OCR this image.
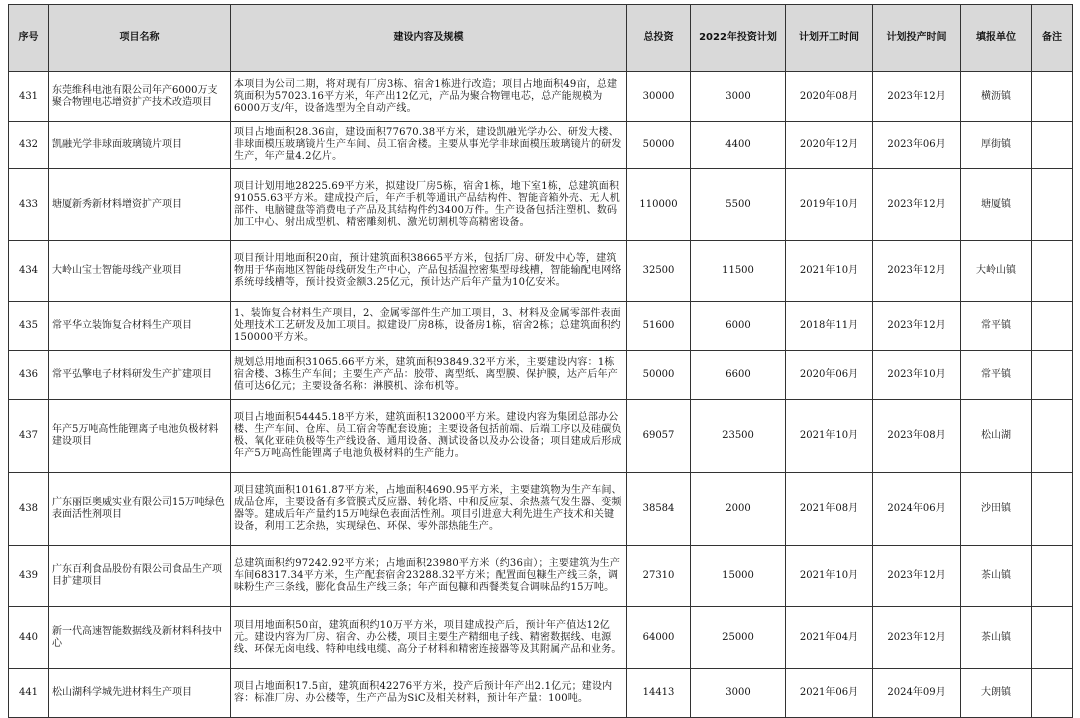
序号	项目名称	建设内容及规模	总投资	2022年投资计划	计划开工时间	计划投产时间	填报单位	备注
431	东莞维科电池有限公司年产6000万支聚合物锂电芯增资扩产技术改造项目	本项目为公司二期，将对现有厂房3栋、宿舍1栋进行改造；项目占地面积49亩，总建筑面积为57023.16平方米，年产出12亿元，产品为聚合物锂电芯，总产能规模为6000万支/年，设备选型为全自动产线。	30000	3000	2020年08月	2023年12月	横沥镇	
432	凯融光学非球面玻璃镜片项目	项目占地面积28.36亩，建设面积77670.38平方米，建设凯融光学办公、研发大楼、非球面模压玻璃镜片生产车间、员工宿舍楼。主要从事光学非球面模压玻璃镜片的研发生产，年产量4.2亿片。	50000	4400	2020年12月	2023年06月	厚街镇	
433	塘厦新秀新材料增资扩产项目	项目计划用地28225.69平方米，拟建设厂房5栋，宿舍1栋，地下室1栋，总建筑面积91055.63平方米。建成投产后，年产手机等通讯产品结构件、智能音箱外壳、无人机部件、电脑键盘等消费电子产品及其结构件约3400万件。生产设备包括注塑机、数码加工中心、射出成型机、精密雕刻机、激光切割机等高精密设备。	110000	5500	2019年10月	2023年12月	塘厦镇	
434	大岭山宝士智能母线产业项目	项目预计用地面积20亩，预计建筑面积38665平方米，包括厂房、研发中心等，建筑物用于华南地区智能母线研发生产中心，产品包括温控密集型母线槽，智能输配电网络系统母线槽等，预计投资金额3.25亿元，预计达产后年产量为10亿安米。	32500	11500	2021年10月	2023年12月	大岭山镇	
435	常平华立装饰复合材料生产项目	1、装饰复合材料生产项目，2、金属零部件生产加工项目，3、材料及金属零部件表面处理技术工艺研发及加工项目。拟建设厂房8栋，设备房1栋，宿舍2栋；总建筑面积约150000平方米。	51600	6000	2018年11月	2023年12月	常平镇	
436	常平弘擎电子材料研发生产扩建项目	规划总用地面积31065.66平方米，建筑面积93849.32平方米，主要建设内容：1栋宿舍楼、3栋生产车间；主要生产产品：胶带、离型纸、离型膜、保护膜，达产后年产值可达6亿元；主要设备名称：淋膜机、涂布机等。	50000	6600	2020年06月	2023年10月	常平镇	
437	年产5万吨高性能锂离子电池负极材料建设项目	项目占地面积54445.18平方米，建筑面积132000平方米。建设内容为集团总部办公楼、生产车间、仓库、员工宿舍等配套设施；主要设备包括前端、后端工序以及硅碳负极、氧化亚硅负极等生产线设备、通用设备、测试设备以及办公设备；项目建成后形成年产5万吨高性能锂离子电池负极材料的生产能力。	69057	23500	2021年10月	2023年08月	松山湖	
438	广东丽臣奥威实业有限公司15万吨绿色表面活性剂项目	项目建筑面积10161.87平方米，占地面积4690.95平方米，主要建筑物为生产车间、成品仓库，主要设备有多管膜式反应器、转化塔、中和反应泵、余热蒸气发生器、变频器等。建成后年产量约15万吨绿色表面活性剂。项目引进意大利先进生产技术和关键设备，利用工艺余热，实现绿色、环保、零外部热能生产。	38584	2000	2021年08月	2024年06月	沙田镇	
439	广东百利食品股份有限公司食品生产项目扩建项目	总建筑面积约97242.92平方米；占地面积23980平方米（约36亩）；主要建筑为生产车间68317.34平方米，生产配套宿舍23288.32平方米；配置面包糠生产线三条，调味粉生产三条线，膨化食品生产线三条；年产面包糠和西餐类复合调味品约15万吨。	27310	15000	2021年10月	2023年12月	茶山镇	
440	新一代高速智能数据线及新材料科技中心	项目用地面积50亩，建筑面积约10万平方米，项目建成投产后，预计年产值达12亿元。建设内容为厂房、宿舍、办公楼，项目主要生产精细电子线、精密数据线、电源线、环保无卤电线、特种电线电缆、高分子材料和精密连接器等及其附属产品和业务。	64000	25000	2021年04月	2023年12月	茶山镇	
441	松山湖科学城先进材料生产项目	项目占地面积17.5亩，建筑面积42276平方米，投产后预计年产出2.1亿元；建设内容：标准厂房、办公楼等，生产产品为SiC及相关材料，预计年产量：100吨。	14413	3000	2021年06月	2024年09月	大朗镇	
